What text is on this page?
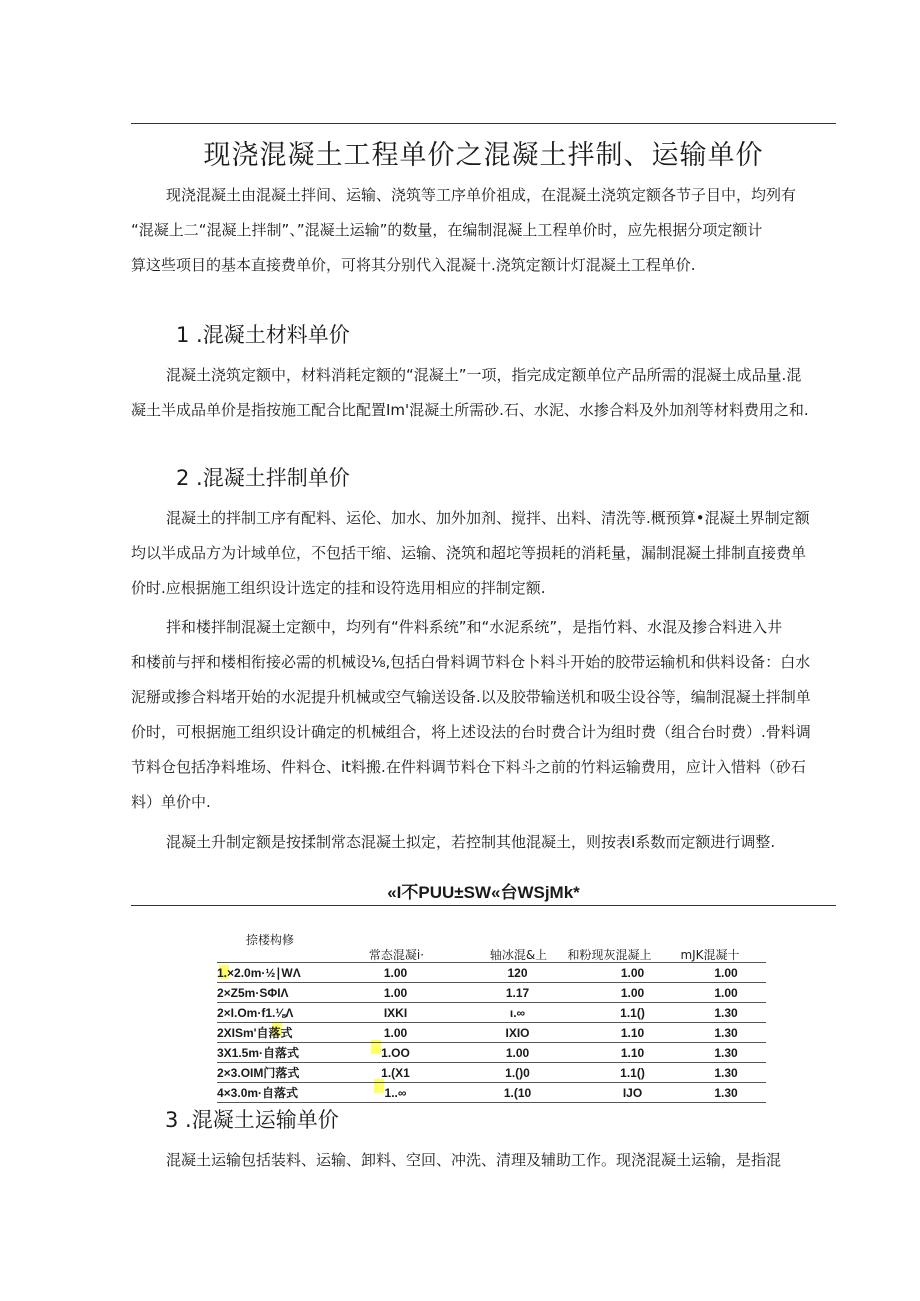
现浇混凝土工程单价之混凝土拌制、运输单价

现浇混凝土由混凝土拌间、运输、浇筑等工序单价祖成，在混凝土浇筑定额各节子目中，均列有

“混凝上二“混凝上拌制”、”混凝土运输”的数量，在编制混凝上工程单价时，应先根据分项定额计

算这些项目的基本直接费单价，可将其分别代入混凝十.浇筑定额计灯混凝土工程单价.

1 .混凝土材料单价

混凝土浇筑定额中，材料消耗定额的“混凝土”一项，指完成定额单位产品所需的混凝土成品量.混

凝土半成品单价是指按施工配合比配置Im'混凝土所需砂.石、水泥、水掺合料及外加剂等材料费用之和.

2 .混凝土拌制单价

混凝土的拌制工序有配料、运伦、加水、加外加剂、搅拌、出料、清洗等.概预算•混凝土界制定额

均以半成品方为计域单位，不包括干缩、运输、浇筑和超坨等损耗的消耗量，漏制混凝土排制直接费单

价时.应根据施工组织设计选定的挂和设符选用相应的拌制定额.

拌和楼拌制混凝土定额中，均列有“件料系统”和“水泥系统”，是指竹料、水混及掺合料进入井

和楼前与抨和楼相衔接必需的机械设⅛,包括白骨料调节料仓卜料斗开始的胶带运输机和供料设备：白水

泥掰或掺合料堵开始的水泥提升机械或空气输送设备.以及胶带输送机和吸尘设谷等，编制混凝土拌制单

价时，可根据施工组织设计确定的机械组合，将上述设法的台时费合计为组时费（组合台时费）.骨料调

节料仓包括净料堆场、件料仓、it料搬.在件料调节料仓下料斗之前的竹料运输费用，应计入惜料（砂石

料）单价中.

混凝土升制定额是按揉制常态混凝土拟定，若控制其他混凝土，则按表I系数而定额进行调整.

«I不PUU±SW«台WSjMk*
捺楼构修
常态混凝i·	轴冰混&上	和粉现灰混凝上	mJK混凝十
1.×2.0m·½∣WΛ	1.00	120	1.00	1.00
2×Z5m·SΦIΛ	1.00	1.17	1.00	1.00
2×I.Om·f1.⅛Λ	IXKI	ι.∞	1.1()	1.30
2XISm'自落式	1.00	IXIO	1.10	1.30
3X1.5m·自落式	1.OO	1.00	1.10	1.30
2×3.OIM门落式	1.(X1	1.()0	1.1()	1.30
4×3.0m·自落式	1..∞	1.(10	IJO	1.30
3 .混凝土运输单价

混凝土运输包括装料、运输、卸料、空回、冲洗、清理及辅助工作。现浇混凝土运输，是指混
